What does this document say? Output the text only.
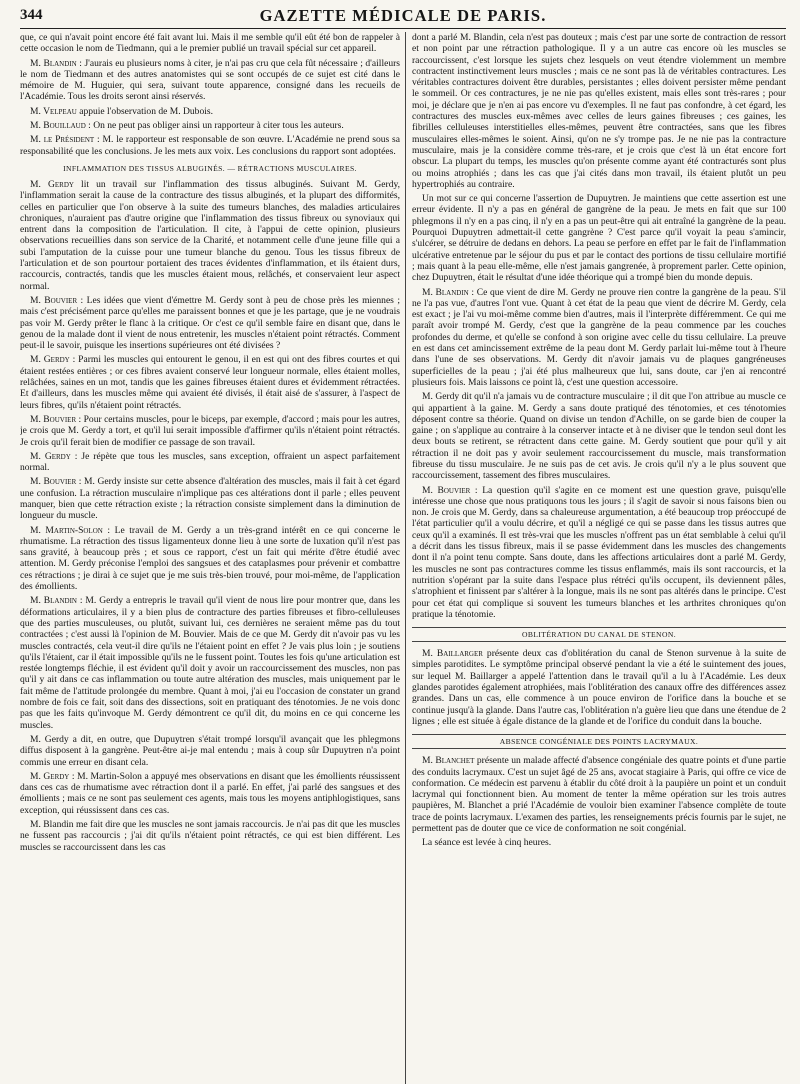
344	GAZETTE MÉDICALE DE PARIS.

que, ce qui n'avait point encore été fait avant lui. Mais il me semble qu'il eût été bon de rappeler à cette occasion le nom de Tiedmann, qui a le premier publié un travail spécial sur cet appareil.

M. Blandin : J'aurais eu plusieurs noms à citer, je n'ai pas cru que cela fût nécessaire ; d'ailleurs le nom de Tiedmann et des autres anatomistes qui se sont occupés de ce sujet est cité dans le mémoire de M. Huguier, qui sera, suivant toute apparence, consigné dans les recueils de l'Académie. Tous les droits seront ainsi réservés.

M. Velpeau appuie l'observation de M. Dubois.

M. Bouillaud : On ne peut pas obliger ainsi un rapporteur à citer tous les auteurs.

M. le Président : M. le rapporteur est responsable de son œuvre. L'Académie ne prend sous sa responsabilité que les conclusions. Je les mets aux voix. Les conclusions du rapport sont adoptées.

INFLAMMATION DES TISSUS ALBUGINÉS. — RÉTRACTIONS MUSCULAIRES.

M. Gerdy lit un travail sur l'inflammation des tissus albuginés. Suivant M. Gerdy, l'inflammation serait la cause de la contracture des tissus albuginés, et la plupart des difformités, celles en particulier que l'on observe à la suite des tumeurs blanches, des maladies articulaires chroniques, n'auraient pas d'autre origine que l'inflammation des tissus fibreux ou synoviaux qui entrent dans la composition de l'articulation. Il cite, à l'appui de cette opinion, plusieurs observations recueillies dans son service de la Charité, et notamment celle d'une jeune fille qui a subi l'amputation de la cuisse pour une tumeur blanche du genou. Tous les tissus fibreux de l'articulation et de son pourtour portaient des traces évidentes d'inflammation, et ils étaient durs, raccourcis, contractés, tandis que les muscles étaient mous, relâchés, et conservaient leur aspect normal.

M. Bouvier : Les idées que vient d'émettre M. Gerdy sont à peu de chose près les miennes ; mais c'est précisément parce qu'elles me paraissent bonnes et que je les partage, que je ne voudrais pas voir M. Gerdy prêter le flanc à la critique. Or c'est ce qu'il semble faire en disant que, dans le genou de la malade dont il vient de nous entretenir, les muscles n'étaient point rétractés. Comment peut-il le savoir, puisque les insertions supérieures ont été divisées ?

M. Gerdy : Parmi les muscles qui entourent le genou, il en est qui ont des fibres courtes et qui étaient restées entières ; or ces fibres avaient conservé leur longueur normale, elles étaient molles, relâchées, saines en un mot, tandis que les gaines fibreuses étaient dures et évidemment rétractées. Et d'ailleurs, dans les muscles même qui avaient été divisés, il était aisé de s'assurer, à l'aspect de leurs fibres, qu'ils n'étaient point rétractés.

M. Bouvier : Pour certains muscles, pour le biceps, par exemple, d'accord ; mais pour les autres, je crois que M. Gerdy a tort, et qu'il lui serait impossible d'affirmer qu'ils n'étaient point rétractés. Je crois qu'il ferait bien de modifier ce passage de son travail.

M. Gerdy : Je répète que tous les muscles, sans exception, offraient un aspect parfaitement normal.

M. Bouvier : M. Gerdy insiste sur cette absence d'altération des muscles, mais il fait à cet égard une confusion. La rétraction musculaire n'implique pas ces altérations dont il parle ; elles peuvent manquer, bien que cette rétraction existe ; la rétraction consiste simplement dans la diminution de longueur du muscle.

M. Martin-Solon : Le travail de M. Gerdy a un très-grand intérêt en ce qui concerne le rhumatisme. La rétraction des tissus ligamenteux donne lieu à une sorte de luxation qu'il n'est pas sans gravité, à beaucoup près ; et sous ce rapport, c'est un fait qui mérite d'être étudié avec attention. M. Gerdy préconise l'emploi des sangsues et des cataplasmes pour prévenir et combattre ces rétractions ; je dirai à ce sujet que je me suis très-bien trouvé, pour moi-même, de l'application des émollients.

M. Blandin : M. Gerdy a entrepris le travail qu'il vient de nous lire pour montrer que, dans les déformations articulaires, il y a bien plus de contracture des parties fibreuses et fibro-celluleuses que des parties musculeuses, ou plutôt, suivant lui, ces dernières ne seraient même pas du tout contractées ; c'est aussi là l'opinion de M. Bouvier. Mais de ce que M. Gerdy dit n'avoir pas vu les muscles contractés, cela veut-il dire qu'ils ne l'étaient point en effet ? Je vais plus loin ; je soutiens qu'ils l'étaient, car il était impossible qu'ils ne le fussent point. Toutes les fois qu'une articulation est restée longtemps fléchie, il est évident qu'il doit y avoir un raccourcissement des muscles, non pas qu'il y ait dans ce cas inflammation ou toute autre altération des muscles, mais uniquement par le fait même de l'attitude prolongée du membre. Quant à moi, j'ai eu l'occasion de constater un grand nombre de fois ce fait, soit dans des dissections, soit en pratiquant des ténotomies. Je ne vois donc pas que les faits qu'invoque M. Gerdy démontrent ce qu'il dit, du moins en ce qui concerne les muscles.

M. Gerdy a dit, en outre, que Dupuytren s'était trompé lorsqu'il avançait que les phlegmons diffus disposent à la gangrène. Peut-être ai-je mal entendu ; mais à coup sûr Dupuytren n'a point commis une erreur en disant cela.

M. Gerdy : M. Martin-Solon a appuyé mes observations en disant que les émollients réussissent dans ces cas de rhumatisme avec rétraction dont il a parlé. En effet, j'ai parlé des sangsues et des émollients ; mais ce ne sont pas seulement ces agents, mais tous les moyens antiphlogistiques, sans exception, qui réussissent dans ces cas.

M. Blandin me fait dire que les muscles ne sont jamais raccourcis. Je n'ai pas dit que les muscles ne fussent pas raccourcis ; j'ai dit qu'ils n'étaient point rétractés, ce qui est bien différent. Les muscles se raccourcissent dans les cas

dont a parlé M. Blandin, cela n'est pas douteux ; mais c'est par une sorte de contraction de ressort et non point par une rétraction pathologique. Il y a un autre cas encore où les muscles se raccourcissent, c'est lorsque les sujets chez lesquels on veut étendre violemment un membre contractent instinctivement leurs muscles ; mais ce ne sont pas là de véritables contractures. Les véritables contractures doivent être durables, persistantes ; elles doivent persister même pendant le sommeil. Or ces contractures, je ne nie pas qu'elles existent, mais elles sont très-rares ; pour moi, je déclare que je n'en ai pas encore vu d'exemples. Il ne faut pas confondre, à cet égard, les contractures des muscles eux-mêmes avec celles de leurs gaines fibreuses ; ces gaines, les fibrilles celluleuses interstitielles elles-mêmes, peuvent être contractées, sans que les fibres musculaires elles-mêmes le soient. Ainsi, qu'on ne s'y trompe pas. Je ne nie pas la contracture musculaire, mais je la considère comme très-rare, et je crois que c'est là un état encore fort obscur. La plupart du temps, les muscles qu'on présente comme ayant été contracturés sont plus ou moins atrophiés ; dans les cas que j'ai cités dans mon travail, ils étaient plutôt un peu hypertrophiés au contraire.

Un mot sur ce qui concerne l'assertion de Dupuytren. Je maintiens que cette assertion est une erreur évidente. Il n'y a pas en général de gangrène de la peau. Je mets en fait que sur 100 phlegmons il n'y en a pas cinq, il n'y en a pas un peut-être qui ait entraîné la gangrène de la peau. Pourquoi Dupuytren admettait-il cette gangrène ? C'est parce qu'il voyait la peau s'amincir, s'ulcérer, se détruire de dedans en dehors. La peau se perfore en effet par le fait de l'inflammation ulcérative entretenue par le séjour du pus et par le contact des portions de tissu cellulaire mortifié ; mais quant à la peau elle-même, elle n'est jamais gangrenée, à proprement parler. Cette opinion, chez Dupuytren, était le résultat d'une idée théorique qui a trompé bien du monde depuis.

M. Blandin : Ce que vient de dire M. Gerdy ne prouve rien contre la gangrène de la peau. S'il ne l'a pas vue, d'autres l'ont vue. Quant à cet état de la peau que vient de décrire M. Gerdy, cela est exact ; je l'ai vu moi-même comme bien d'autres, mais il l'interprète différemment. Ce qui me paraît avoir trompé M. Gerdy, c'est que la gangrène de la peau commence par les couches profondes du derme, et qu'elle se confond à son origine avec celle du tissu cellulaire. La preuve en est dans cet amincissement extrême de la peau dont M. Gerdy parlait lui-même tout à l'heure dans l'une de ses observations. M. Gerdy dit n'avoir jamais vu de plaques gangréneuses superficielles de la peau ; j'ai été plus malheureux que lui, sans doute, car j'en ai rencontré plusieurs fois. Mais laissons ce point là, c'est une question accessoire.

M. Gerdy dit qu'il n'a jamais vu de contracture musculaire ; il dit que l'on attribue au muscle ce qui appartient à la gaine. M. Gerdy a sans doute pratiqué des ténotomies, et ces ténotomies déposent contre sa théorie. Quand on divise un tendon d'Achille, on se garde bien de couper la gaine ; on s'applique au contraire à la conserver intacte et à ne diviser que le tendon seul dont les deux bouts se retirent, se rétractent dans cette gaine. M. Gerdy soutient que pour qu'il y ait rétraction il ne doit pas y avoir seulement raccourcissement du muscle, mais transformation fibreuse du tissu musculaire. Je ne suis pas de cet avis. Je crois qu'il n'y a le plus souvent que raccourcissement, tassement des fibres musculaires.

M. Bouvier : La question qu'il s'agite en ce moment est une question grave, puisqu'elle intéresse une chose que nous pratiquons tous les jours ; il s'agit de savoir si nous faisons bien ou non. Je crois que M. Gerdy, dans sa chaleureuse argumentation, a été beaucoup trop préoccupé de l'état particulier qu'il a voulu décrire, et qu'il a négligé ce qui se passe dans les tissus autres que ceux qu'il a examinés. Il est très-vrai que les muscles n'offrent pas un état semblable à celui qu'il a décrit dans les tissus fibreux, mais il se passe évidemment dans les muscles des changements dont il n'a point tenu compte. Sans doute, dans les affections articulaires dont a parlé M. Gerdy, les muscles ne sont pas contractures comme les tissus enflammés, mais ils sont raccourcis, et la nutrition s'opérant par la suite dans l'espace plus rétréci qu'ils occupent, ils deviennent pâles, s'atrophient et finissent par s'altérer à la longue, mais ils ne sont pas altérés dans le principe. C'est pour cet état qui complique si souvent les tumeurs blanches et les arthrites chroniques qu'on pratique la ténotomie.

OBLITÉRATION DU CANAL DE STENON.

M. Baillarger présente deux cas d'oblitération du canal de Stenon survenue à la suite de simples parotidites. Le symptôme principal observé pendant la vie a été le suintement des joues, sur lequel M. Baillarger a appelé l'attention dans le travail qu'il a lu à l'Académie. Les deux glandes parotides également atrophiées, mais l'oblitération des canaux offre des différences assez grandes. Dans un cas, elle commence à un pouce environ de l'orifice dans la bouche et se continue jusqu'à la glande. Dans l'autre cas, l'oblitération n'a guère lieu que dans une étendue de 2 lignes ; elle est située à égale distance de la glande et de l'orifice du conduit dans la bouche.

ABSENCE CONGÉNIALE DES POINTS LACRYMAUX.

M. Blanchet présente un malade affecté d'absence congéniale des quatre points et d'une partie des conduits lacrymaux. C'est un sujet âgé de 25 ans, avocat stagiaire à Paris, qui offre ce vice de conformation. Ce médecin est parvenu à établir du côté droit à la paupière un point et un conduit lacrymal qui fonctionnent bien. Au moment de tenter la même opération sur les trois autres paupières, M. Blanchet a prié l'Académie de vouloir bien examiner l'absence complète de toute trace de points lacrymaux. L'examen des parties, les renseignements précis fournis par le sujet, ne permettent pas de douter que ce vice de conformation ne soit congénial.

La séance est levée à cinq heures.
